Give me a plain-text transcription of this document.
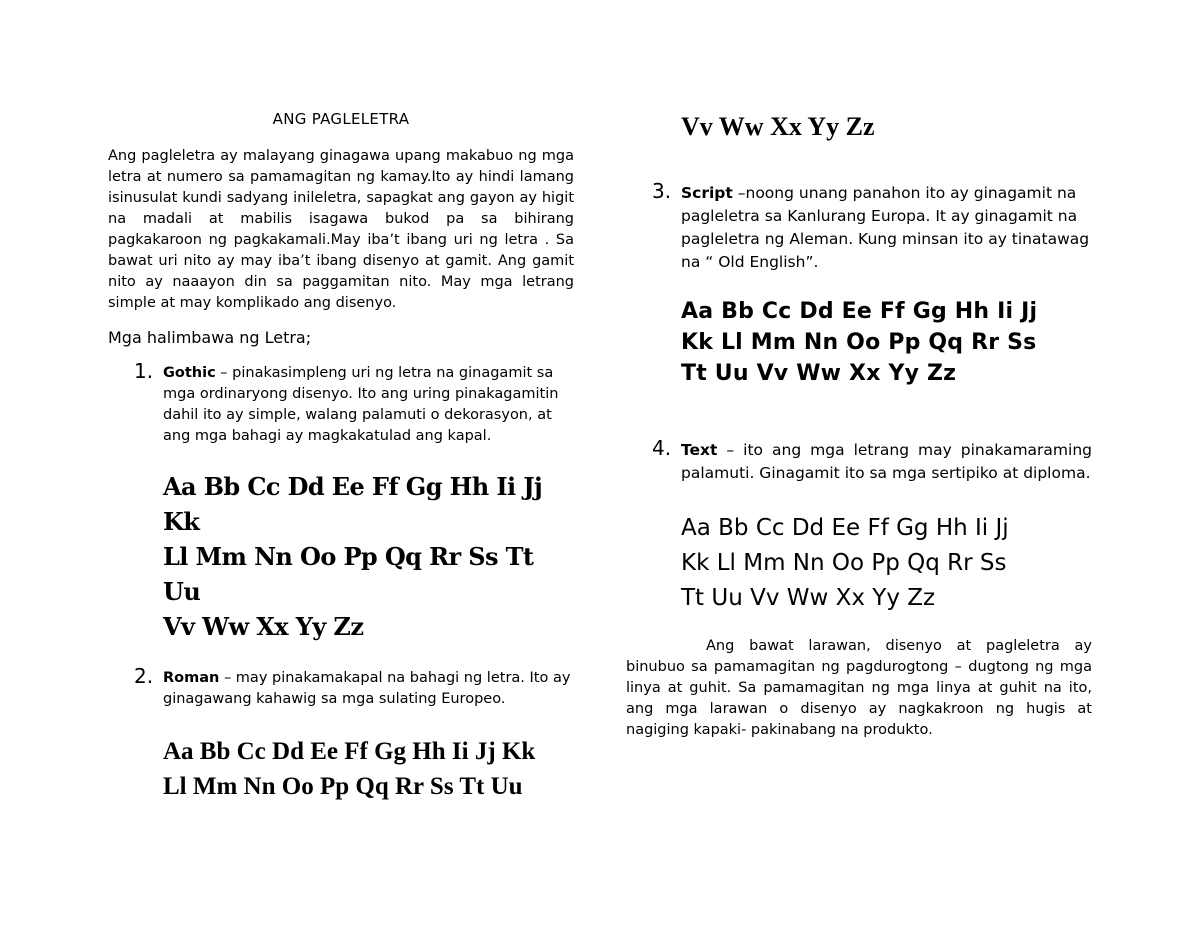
ANG PAGLELETRA

Ang pagleletra ay malayang ginagawa upang makabuo ng mga letra at numero sa pamamagitan ng kamay.Ito ay hindi lamang isinusulat kundi sadyang inileletra, sapagkat ang gayon ay higit na madali at mabilis isagawa bukod pa sa bihirang pagkakaroon ng pagkakamali.May iba’t ibang uri ng letra . Sa bawat uri nito ay may iba’t ibang disenyo at gamit. Ang gamit nito ay naaayon din sa paggamitan nito. May mga letrang simple at may komplikado ang disenyo.

Mga halimbawa ng Letra;
1. Gothic – pinakasimpleng uri ng letra na ginagamit sa mga ordinaryong disenyo. Ito ang uring pinakagamitin dahil ito ay simple, walang palamuti o dekorasyon, at ang mga bahagi ay magkakatulad ang kapal.
Aa Bb Cc Dd Ee Ff Gg Hh Ii Jj Kk
Ll Mm Nn Oo Pp Qq Rr Ss Tt Uu
Vv Ww Xx Yy Zz
2. Roman – may pinakamakapal na bahagi ng letra. Ito ay ginagawang kahawig sa mga sulating Europeo.
Aa Bb Cc Dd Ee Ff Gg Hh Ii Jj Kk
Ll Mm Nn Oo Pp Qq Rr Ss Tt Uu
Vv Ww Xx Yy Zz
3. Script –noong unang panahon ito ay ginagamit na pagleletra sa Kanlurang Europa. It ay ginagamit na pagleletra ng Aleman. Kung minsan ito ay tinatawag na “ Old English”.
Aa Bb Cc Dd Ee Ff Gg Hh Ii Jj
Kk Ll Mm Nn Oo Pp Qq Rr Ss
Tt Uu Vv Ww Xx Yy Zz
4. Text – ito ang mga letrang may pinakamaraming palamuti. Ginagamit ito sa mga sertipiko at diploma.
Aa Bb Cc Dd Ee Ff Gg Hh Ii Jj
Kk Ll Mm Nn Oo Pp Qq Rr Ss
Tt Uu Vv Ww Xx Yy Zz

Ang bawat larawan, disenyo at pagleletra ay binubuo sa pamamagitan ng pagdurogtong – dugtong ng mga linya at guhit. Sa pamamagitan ng mga linya at guhit na ito, ang mga larawan o disenyo ay nagkakroon ng hugis at nagiging kapaki- pakinabang na produkto.
